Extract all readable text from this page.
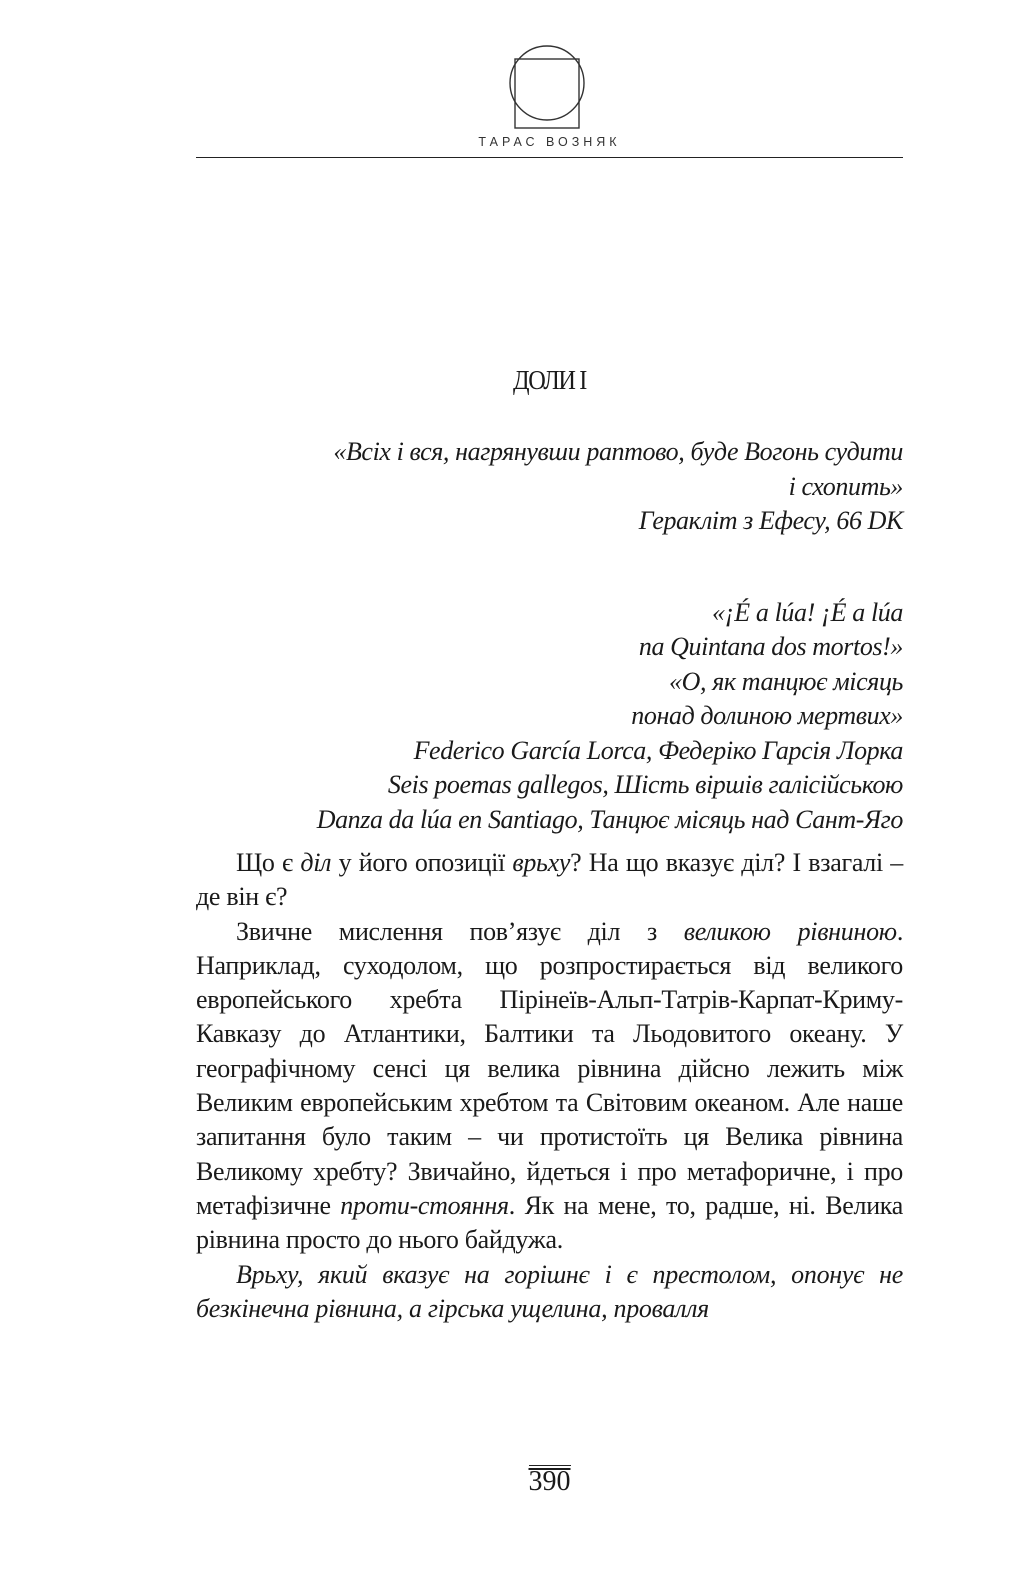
ТАРАС ВОЗНЯК
ДОЛИ I
«Всіх і вся, нагрянувши раптово, буде Вогонь судити
і схопить»
Геракліт з Ефесу, 66 DK
«¡É a lúa! ¡É a lúa
na Quintana dos mortos!»
«О, як танцює місяць
понад долиною мертвих»
Federico García Lorca, Федеріко Гарсія Лорка
Seis poemas gallegos, Шість віршів галісійською
Danza da lúa en Santiago, Танцює місяць над Сант-Яго

Що є діл у його опозиції врьху? На що вказує діл? І взагалі – де він є?

Звичне мислення пов’язує діл з великою рівниною. Наприклад, суходолом, що розпростирається від великого европейського хребта Пірінеїв-Альп-Татрів-Карпат-Криму-Кавказу до Атлантики, Балтики та Льодовитого океану. У географічному сенсі ця велика рівнина дійсно лежить між Великим европейським хребтом та Світовим океаном. Але наше запитання було таким – чи протистоїть ця Велика рівнина Великому хребту? Звичайно, йдеться і про метафоричне, і про метафізичне проти-стояння. Як на мене, то, радше, ні. Велика рівнина просто до нього байдужа.

Врьху, який вказує на горішнє і є престолом, опонує не безкінечна рівнина, а гірська ущелина, провалля

390
